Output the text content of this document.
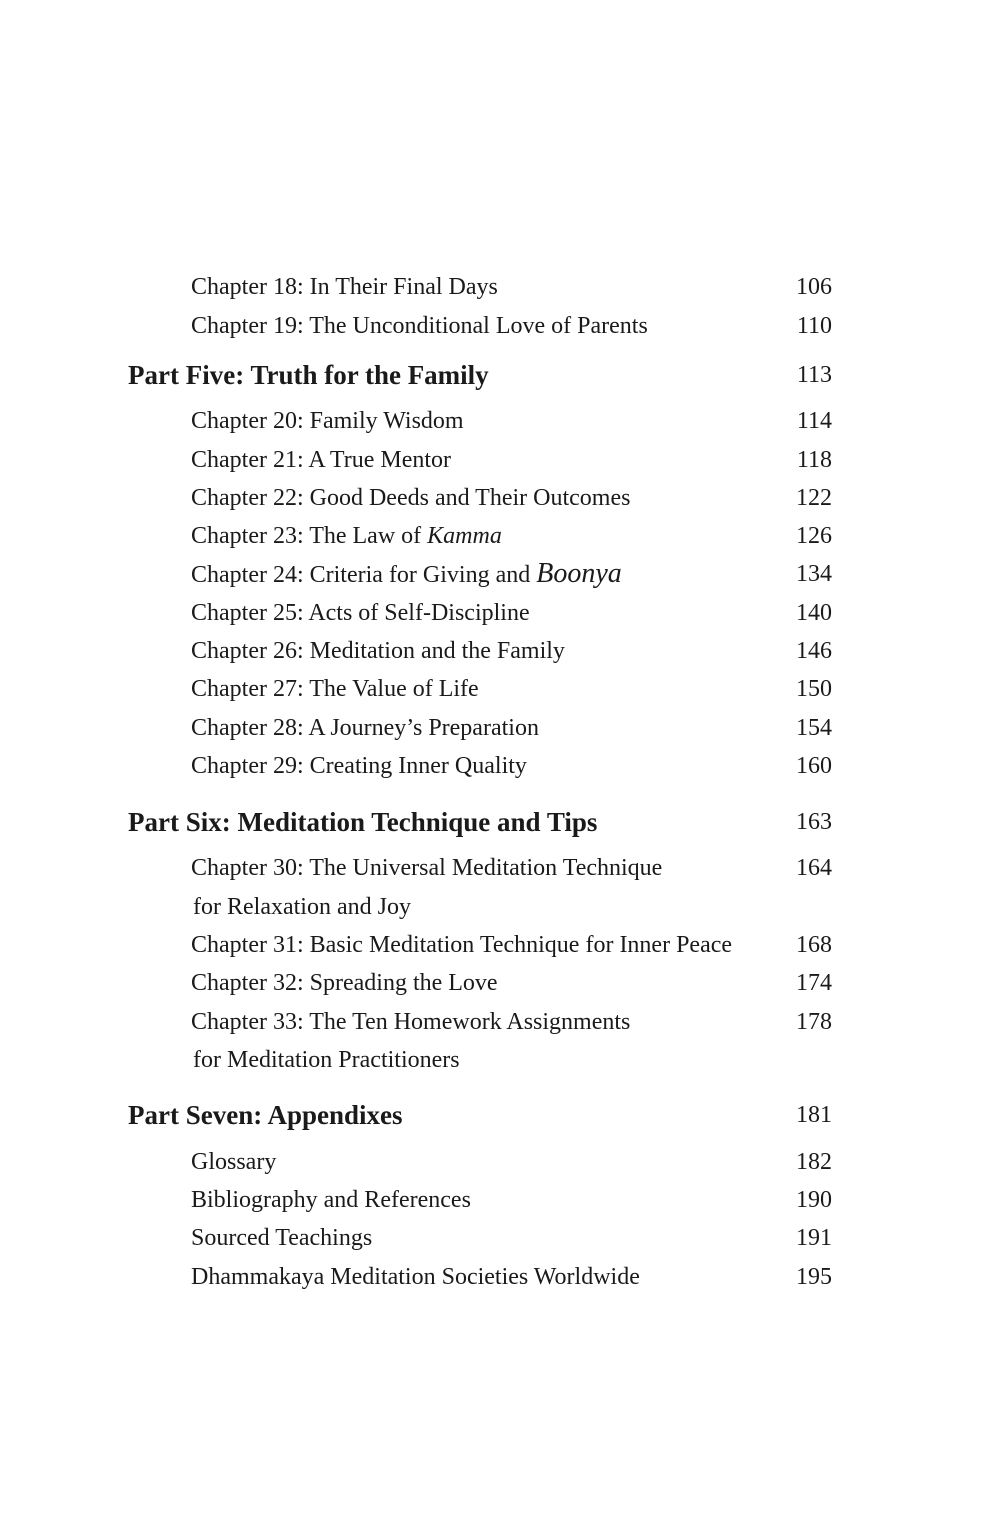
Chapter 18: In Their Final Days	106
Chapter 19: The Unconditional Love of Parents	110
Part Five: Truth for the Family	113
Chapter 20: Family Wisdom	114
Chapter 21: A True Mentor	118
Chapter 22: Good Deeds and Their Outcomes	122
Chapter 23: The Law of Kamma	126
Chapter 24: Criteria for Giving and Boonya	134
Chapter 25: Acts of Self-Discipline	140
Chapter 26: Meditation and the Family	146
Chapter 27: The Value of Life	150
Chapter 28: A Journey’s Preparation	154
Chapter 29: Creating Inner Quality	160
Part Six: Meditation Technique and Tips	163
Chapter 30: The Universal Meditation Technique	164
for Relaxation and Joy
Chapter 31: Basic Meditation Technique for Inner Peace	168
Chapter 32: Spreading the Love	174
Chapter 33: The Ten Homework Assignments	178
for Meditation Practitioners
Part Seven: Appendixes	181
Glossary	182
Bibliography and References	190
Sourced Teachings	191
Dhammakaya Meditation Societies Worldwide	195
